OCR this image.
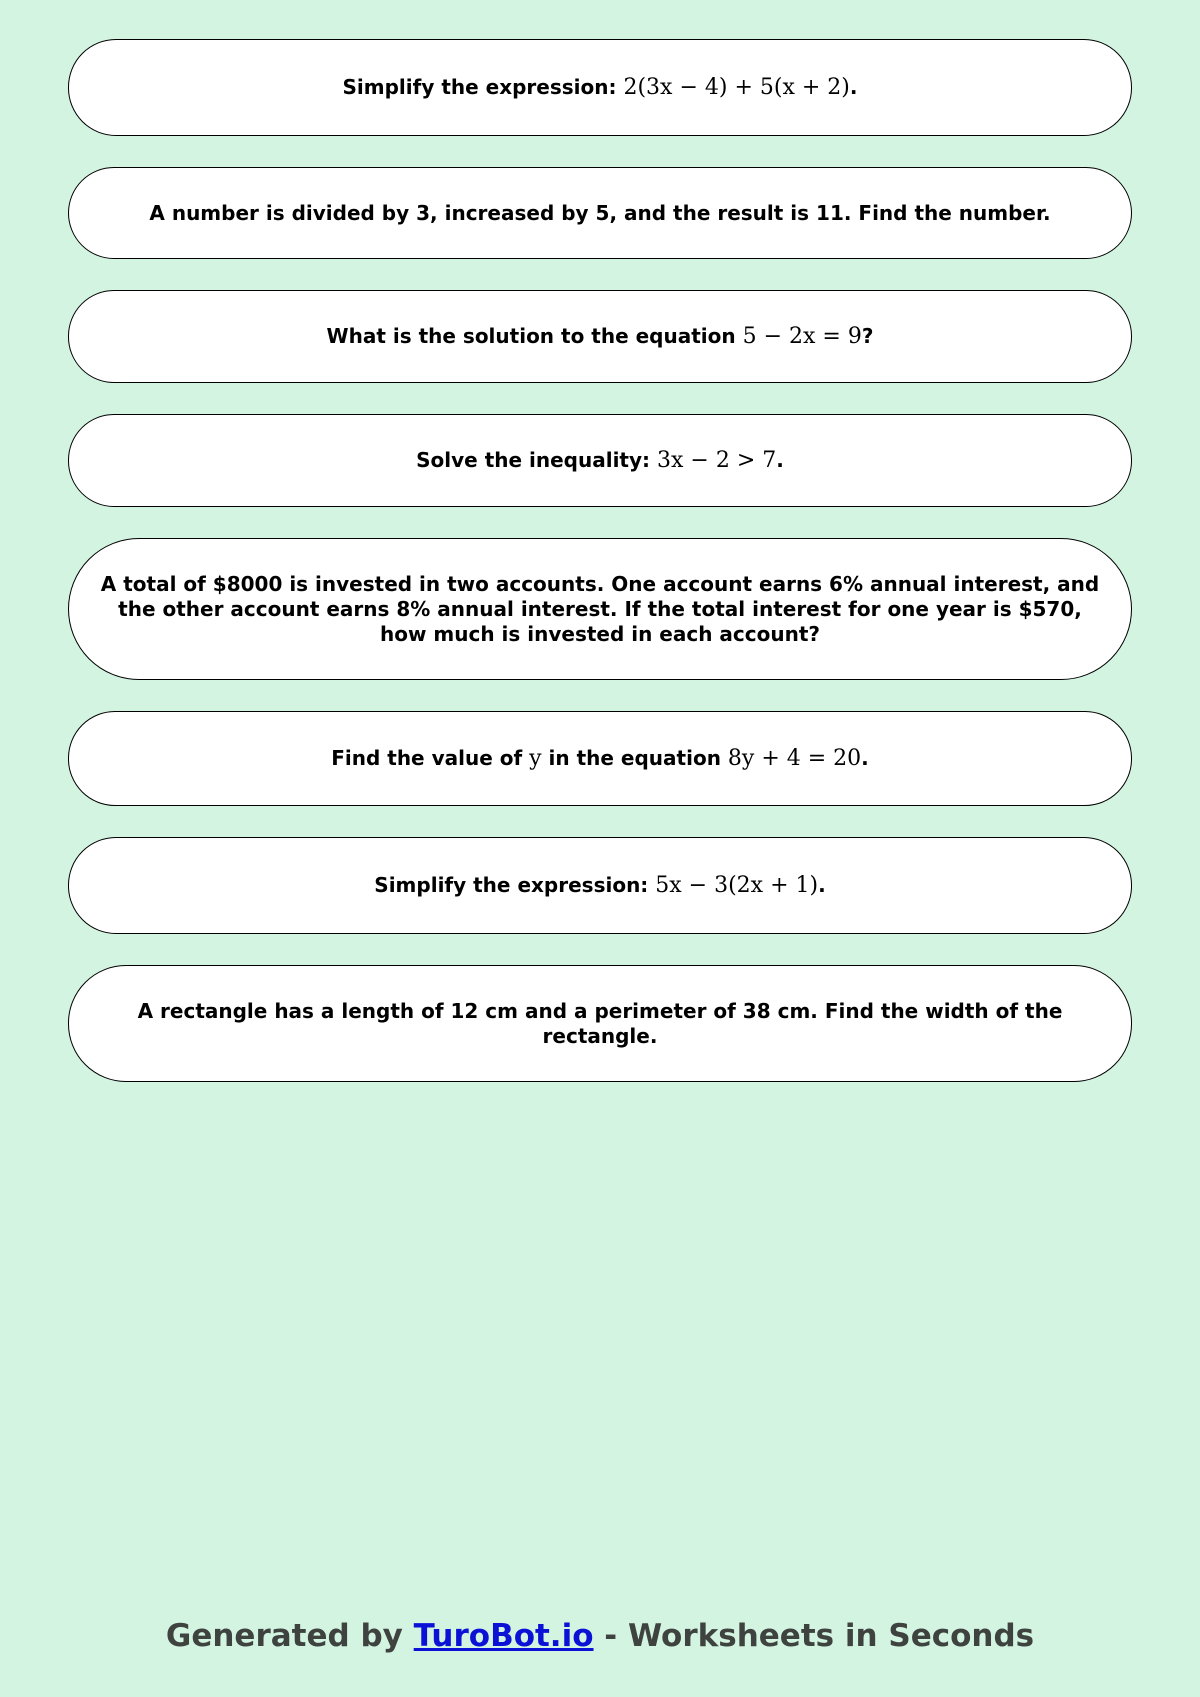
Simplify the expression: 2(3x − 4) + 5(x + 2).
A number is divided by 3, increased by 5, and the result is 11. Find the number.
What is the solution to the equation 5 − 2x = 9?
Solve the inequality: 3x − 2 > 7.
A total of $8000 is invested in two accounts. One account earns 6% annual interest, and the other account earns 8% annual interest. If the total interest for one year is $570, how much is invested in each account?
Find the value of y in the equation 8y + 4 = 20.
Simplify the expression: 5x − 3(2x + 1).
A rectangle has a length of 12 cm and a perimeter of 38 cm. Find the width of the rectangle.
Generated by TuroBot.io - Worksheets in Seconds
